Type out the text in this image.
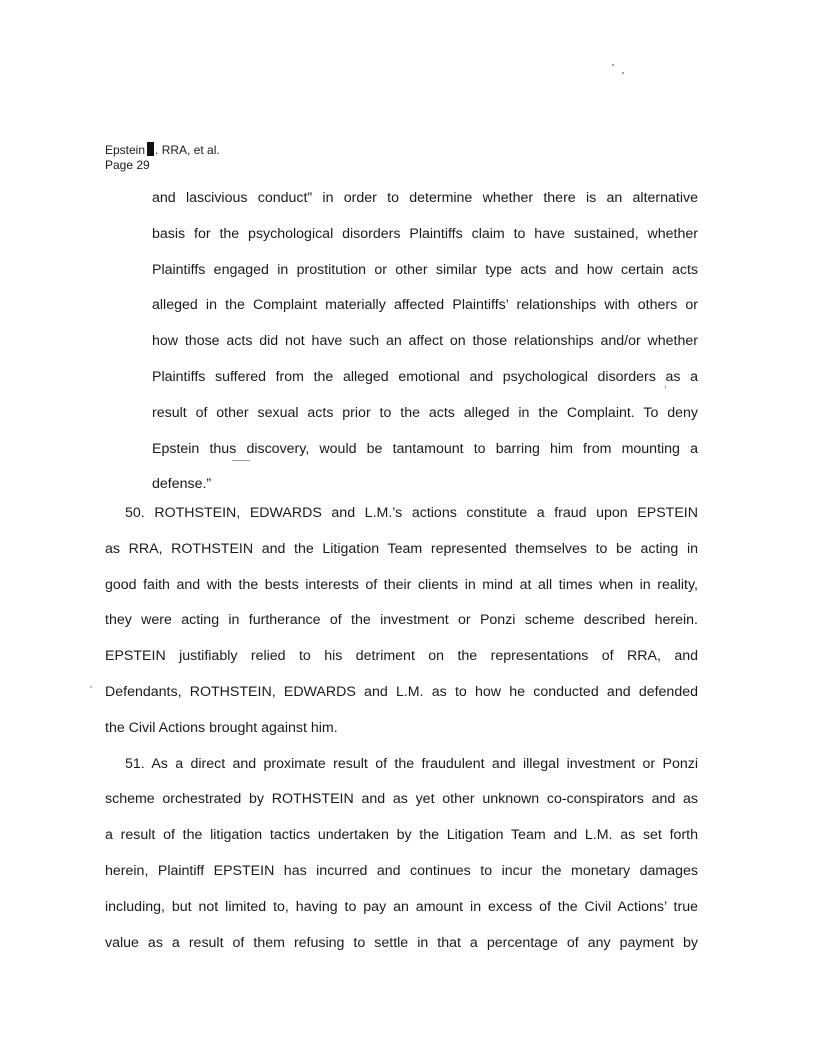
Epstein . RRA, et al.
Page 29
and lascivious conduct” in order to determine whether there is an alternative
basis for the psychological disorders Plaintiffs claim to have sustained, whether
Plaintiffs engaged in prostitution or other similar type acts and how certain acts
alleged in the Complaint materially affected Plaintiffs’ relationships with others or
how those acts did not have such an affect on those relationships and/or whether
Plaintiffs suffered from the alleged emotional and psychological disorders as a
result of other sexual acts prior to the acts alleged in the Complaint. To deny
Epstein thus discovery, would be tantamount to barring him from mounting a
defense.”
50. ROTHSTEIN, EDWARDS and L.M.’s actions constitute a fraud upon EPSTEIN
as RRA, ROTHSTEIN and the Litigation Team represented themselves to be acting in
good faith and with the bests interests of their clients in mind at all times when in reality,
they were acting in furtherance of the investment or Ponzi scheme described herein.
EPSTEIN justifiably relied to his detriment on the representations of RRA, and
Defendants, ROTHSTEIN, EDWARDS and L.M. as to how he conducted and defended
the Civil Actions brought against him.
51. As a direct and proximate result of the fraudulent and illegal investment or Ponzi
scheme orchestrated by ROTHSTEIN and as yet other unknown co-conspirators and as
a result of the litigation tactics undertaken by the Litigation Team and L.M. as set forth
herein, Plaintiff EPSTEIN has incurred and continues to incur the monetary damages
including, but not limited to, having to pay an amount in excess of the Civil Actions’ true
value as a result of them refusing to settle in that a percentage of any payment by
